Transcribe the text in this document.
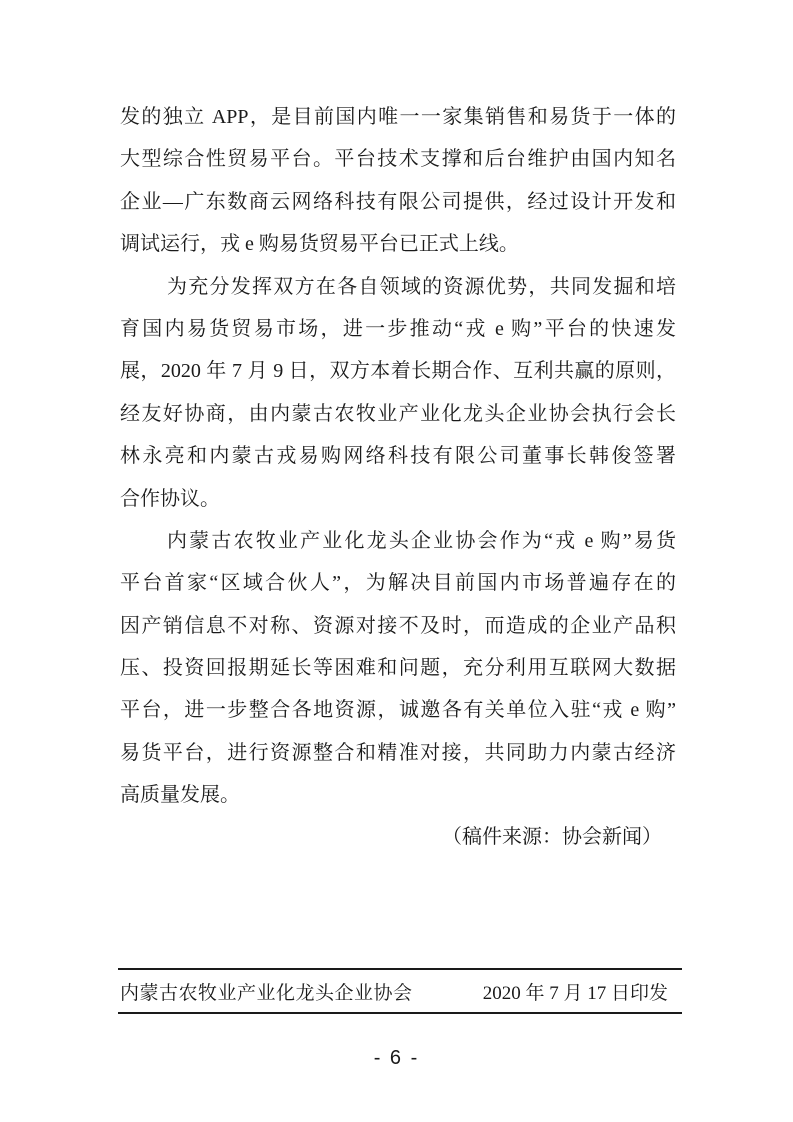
发的独立 APP，是目前国内唯一一家集销售和易货于一体的
大型综合性贸易平台。平台技术支撑和后台维护由国内知名
企业—广东数商云网络科技有限公司提供，经过设计开发和
调试运行，戎 e 购易货贸易平台已正式上线。
为充分发挥双方在各自领域的资源优势，共同发掘和培
育国内易货贸易市场，进一步推动“戎 e 购”平台的快速发
展，2020 年 7 月 9 日，双方本着长期合作、互利共赢的原则，
经友好协商，由内蒙古农牧业产业化龙头企业协会执行会长
林永亮和内蒙古戎易购网络科技有限公司董事长韩俊签署
合作协议。
内蒙古农牧业产业化龙头企业协会作为“戎 e 购”易货
平台首家“区域合伙人”，为解决目前国内市场普遍存在的
因产销信息不对称、资源对接不及时，而造成的企业产品积
压、投资回报期延长等困难和问题，充分利用互联网大数据
平台，进一步整合各地资源，诚邀各有关单位入驻“戎 e 购”
易货平台，进行资源整合和精准对接，共同助力内蒙古经济
高质量发展。
（稿件来源：协会新闻）
内蒙古农牧业产业化龙头企业协会	2020 年 7 月 17 日印发
- 6 -
